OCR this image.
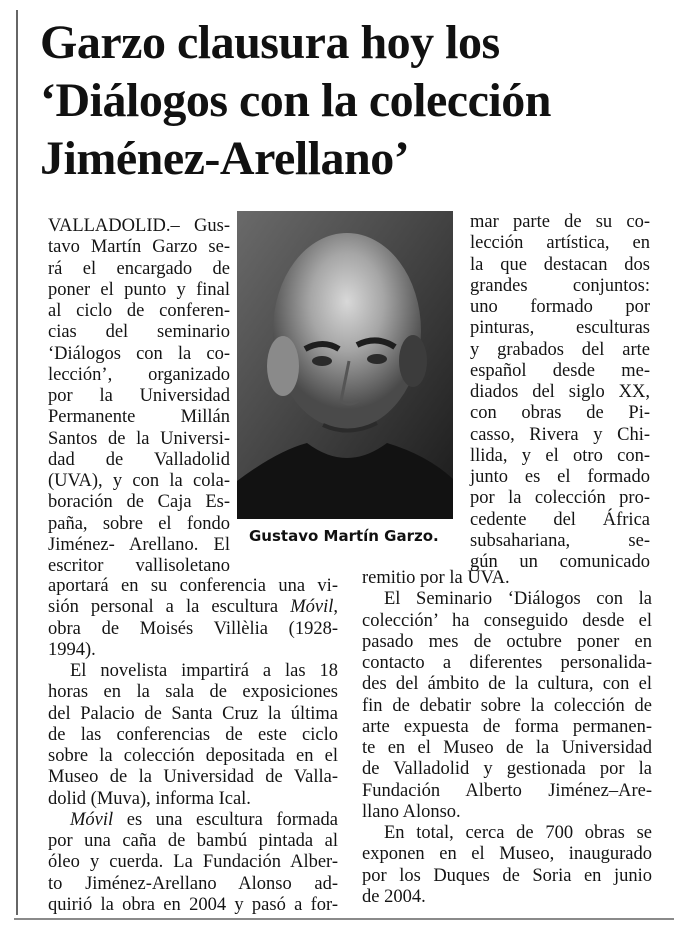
Garzo clausura hoy los
‘Diálogos con la colección
Jiménez-Arellano’
VALLADOLID.– Gus-
tavo Martín Garzo se-
rá el encargado de
poner el punto y final
al ciclo de conferen-
cias del seminario
‘Diálogos con la co-
lección’, organizado
por la Universidad
Permanente Millán
Santos de la Universi-
dad de Valladolid
(UVA), y con la cola-
boración de Caja Es-
paña, sobre el fondo
Jiménez- Arellano. El
escritor vallisoletano
Gustavo Martín Garzo.
aportará en su conferencia una vi-
sión personal a la escultura Móvil,
obra de Moisés Villèlia (1928-
1994).
El novelista impartirá a las 18
horas en la sala de exposiciones
del Palacio de Santa Cruz la última
de las conferencias de este ciclo
sobre la colección depositada en el
Museo de la Universidad de Valla-
dolid (Muva), informa Ical.
Móvil es una escultura formada
por una caña de bambú pintada al
óleo y cuerda. La Fundación Alber-
to Jiménez-Arellano Alonso ad-
quirió la obra en 2004 y pasó a for-
mar parte de su co-
lección artística, en
la que destacan dos
grandes conjuntos:
uno formado por
pinturas, esculturas
y grabados del arte
español desde me-
diados del siglo XX,
con obras de Pi-
casso, Rivera y Chi-
llida, y el otro con-
junto es el formado
por la colección pro-
cedente del África
subsahariana, se-
gún un comunicado
remitio por la UVA.
El Seminario ‘Diálogos con la
colección’ ha conseguido desde el
pasado mes de octubre poner en
contacto a diferentes personalida-
des del ámbito de la cultura, con el
fin de debatir sobre la colección de
arte expuesta de forma permanen-
te en el Museo de la Universidad
de Valladolid y gestionada por la
Fundación Alberto Jiménez–Are-
llano Alonso.
En total, cerca de 700 obras se
exponen en el Museo, inaugurado
por los Duques de Soria en junio
de 2004.
